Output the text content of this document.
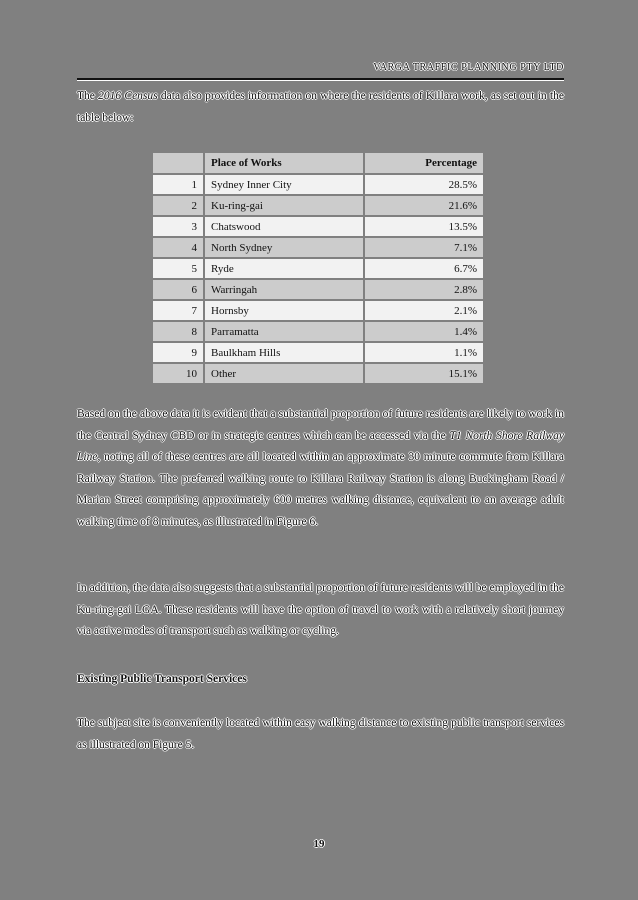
VARGA TRAFFIC PLANNING PTY LTD

The 2016 Census data also provides information on where the residents of Killara work, as set out in the table below:

	Place of Works	Percentage
1	Sydney Inner City	28.5%
2	Ku-ring-gai	21.6%
3	Chatswood	13.5%
4	North Sydney	7.1%
5	Ryde	6.7%
6	Warringah	2.8%
7	Hornsby	2.1%
8	Parramatta	1.4%
9	Baulkham Hills	1.1%
10	Other	15.1%

Based on the above data it is evident that a substantial proportion of future residents are likely to work in the Central Sydney CBD or in strategic centres which can be accessed via the T1 North Shore Railway Line, noting all of these centres are all located within an approximate 30 minute commute from Killara Railway Station. The preferred walking route to Killara Railway Station is along Buckingham Road / Marian Street comprising approximately 600 metres walking distance, equivalent to an average adult walking time of 8 minutes, as illustrated in Figure 6.

In addition, the data also suggests that a substantial proportion of future residents will be employed in the Ku-ring-gai LGA. These residents will have the option of travel to work with a relatively short journey via active modes of transport such as walking or cycling.

Existing Public Transport Services

The subject site is conveniently located within easy walking distance to existing public transport services as illustrated on Figure 5.

19
